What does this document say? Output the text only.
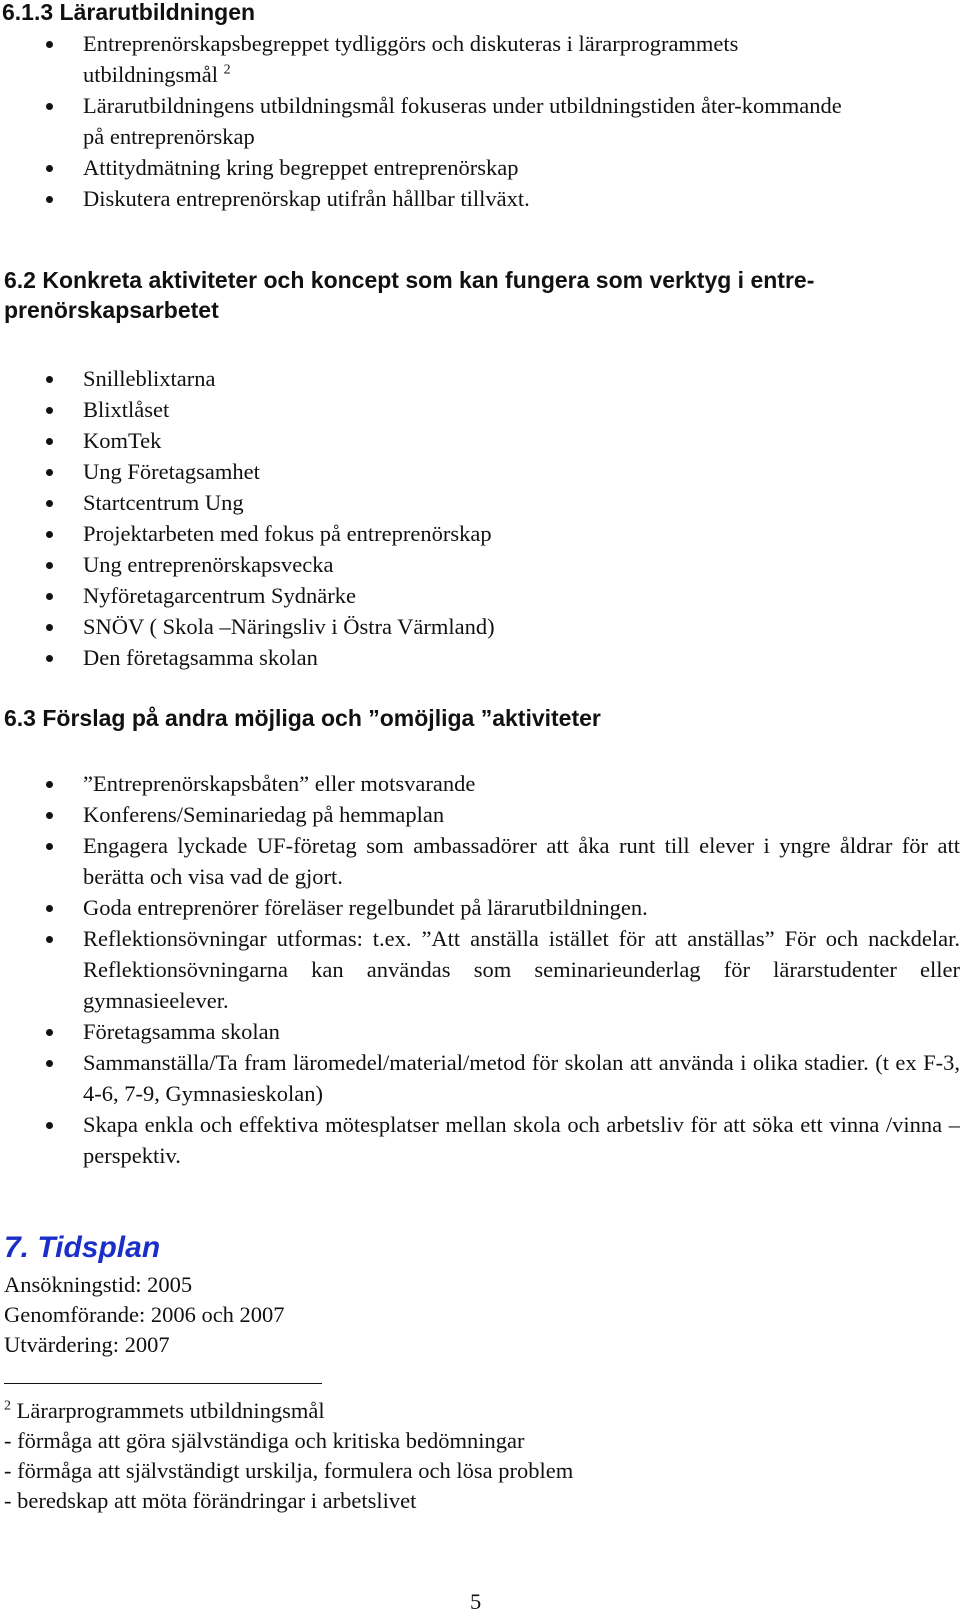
6.1.3 Lärarutbildningen
Entreprenörskapsbegreppet tydliggörs och diskuteras i lärarprogrammets utbildningsmål $^2$
Lärarutbildningens utbildningsmål fokuseras under utbildningstiden åter-kommande på entreprenörskap
Attitydmätning kring begreppet entreprenörskap
Diskutera entreprenörskap utifrån hållbar tillväxt.
6.2 Konkreta aktiviteter och koncept som kan fungera som verktyg i entre-prenörskapsarbetet
Snilleblixtarna
Blixtlåset
KomTek
Ung Företagsamhet
Startcentrum Ung
Projektarbeten med fokus på entreprenörskap
Ung entreprenörskapsvecka
Nyföretagarcentrum Sydnärke
SNÖV ( Skola –Näringsliv i Östra Värmland)
Den företagsamma skolan
6.3 Förslag på andra möjliga och ”omöjliga ”aktiviteter
”Entreprenörskapsbåten” eller motsvarande
Konferens/Seminariedag på hemmaplan
Engagera lyckade UF-företag som ambassadörer att åka runt till elever i yngre åldrar för att berätta och visa vad de gjort.
Goda entreprenörer föreläser regelbundet på lärarutbildningen.
Reflektionsövningar utformas: t.ex. ”Att anställa istället för att anställas” För och nackdelar. Reflektionsövningarna kan användas som seminarieunderlag för lärarstudenter eller gymnasieelever.
Företagsamma skolan
Sammanställa/Ta fram läromedel/material/metod för skolan att använda i olika stadier. (t ex F-3, 4-6, 7-9, Gymnasieskolan)
Skapa enkla och effektiva mötesplatser mellan skola och arbetsliv för att söka ett vinna /vinna –perspektiv.
7. Tidsplan
Ansökningstid: 2005
Genomförande: 2006 och 2007
Utvärdering: 2007
$^2$ Lärarprogrammets utbildningsmål
- förmåga att göra självständiga och kritiska bedömningar
- förmåga att självständigt urskilja, formulera och lösa problem
- beredskap att möta förändringar i arbetslivet
5
